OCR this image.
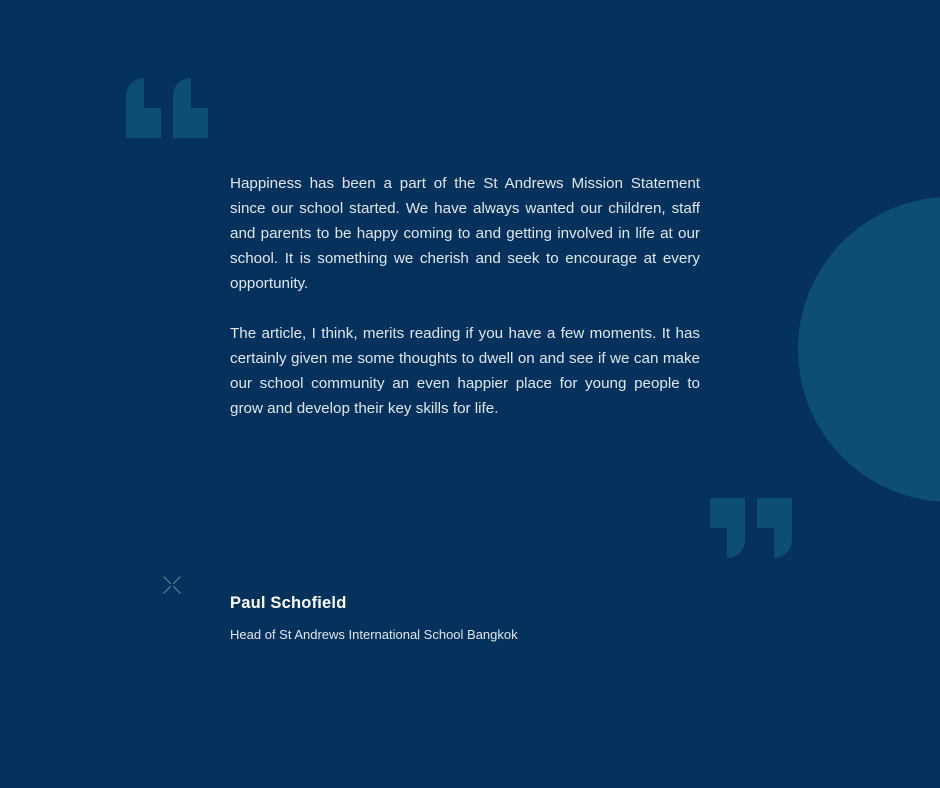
Happiness has been a part of the St Andrews Mission Statement since our school started. We have always wanted our children, staff and parents to be happy coming to and getting involved in life at our school. It is something we cherish and seek to encourage at every opportunity.

The article, I think, merits reading if you have a few moments. It has certainly given me some thoughts to dwell on and see if we can make our school community an even happier place for young people to grow and develop their key skills for life.

Paul Schofield
Head of St Andrews International School Bangkok
